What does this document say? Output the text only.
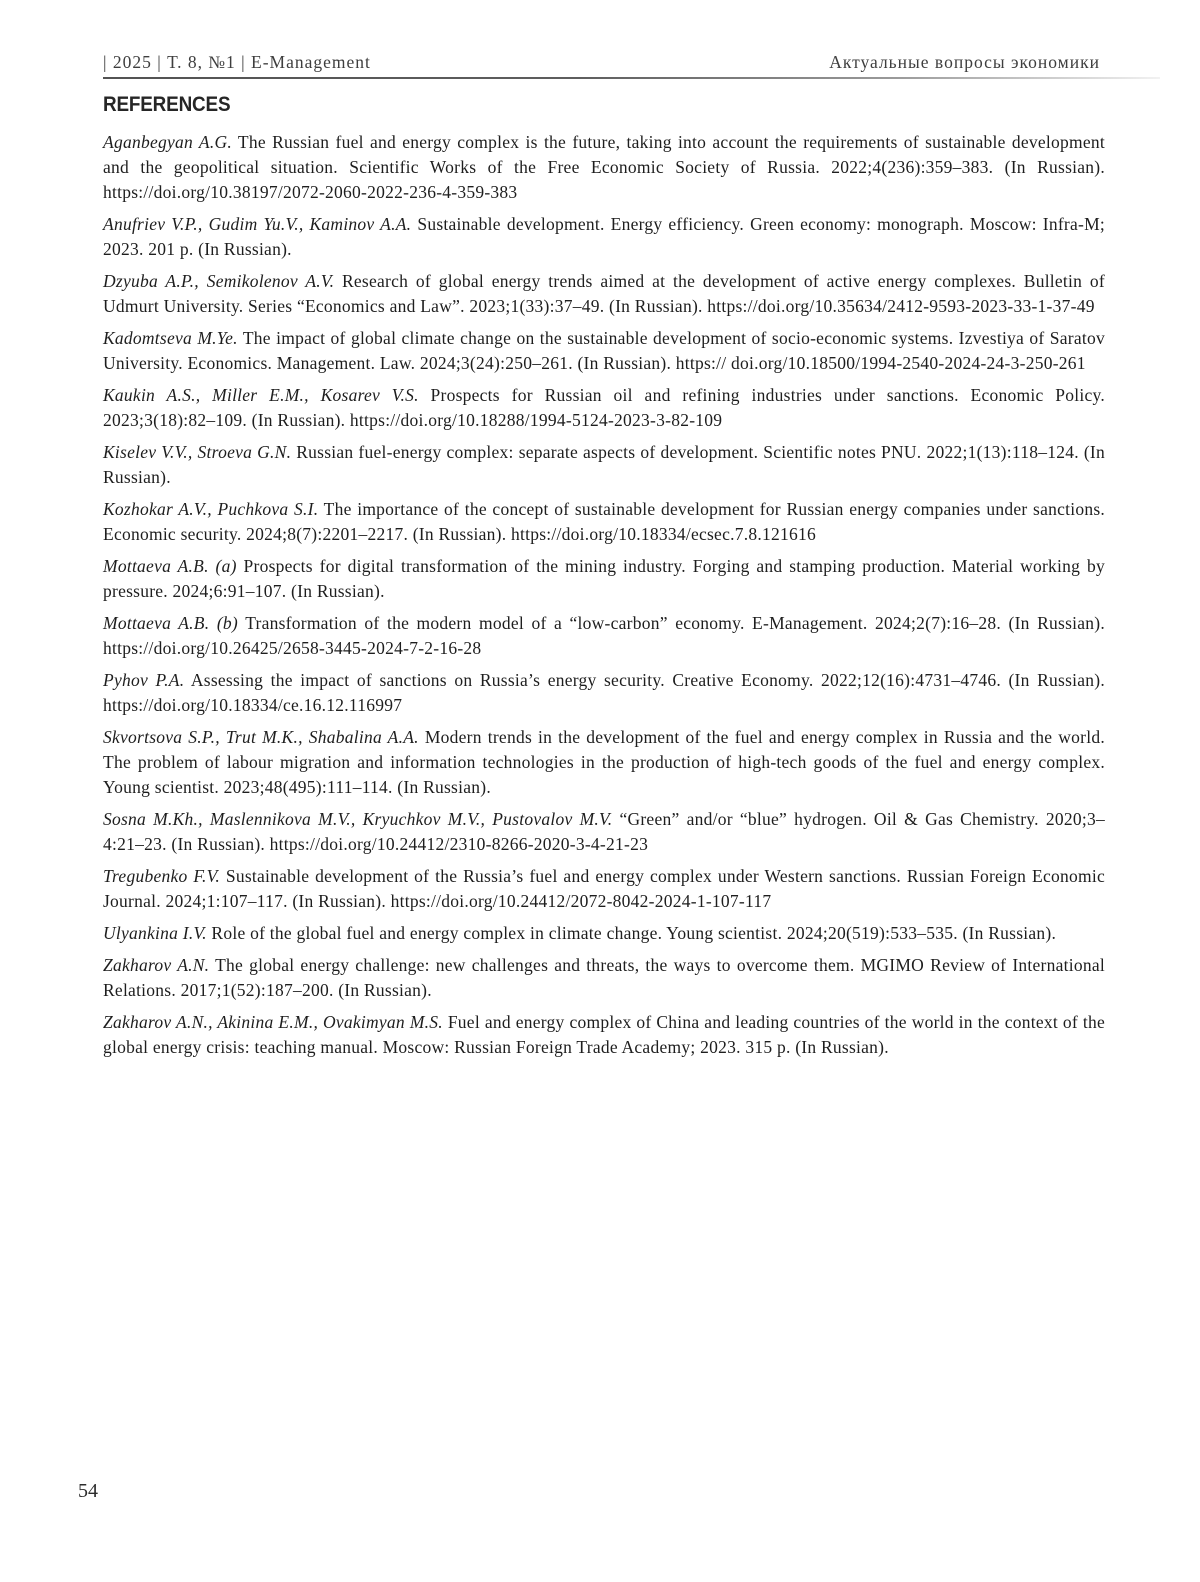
| 2025 | Т. 8, №1 | E-Management	Актуальные вопросы экономики
REFERENCES

Aganbegyan A.G. The Russian fuel and energy complex is the future, taking into account the requirements of sustainable development and the geopolitical situation. Scientific Works of the Free Economic Society of Russia. 2022;4(236):359–383. (In Russian). https://doi.org/10.38197/2072-2060-2022-236-4-359-383

Anufriev V.P., Gudim Yu.V., Kaminov A.A. Sustainable development. Energy efficiency. Green economy: monograph. Moscow: Infra-M; 2023. 201 p. (In Russian).

Dzyuba A.P., Semikolenov A.V. Research of global energy trends aimed at the development of active energy complexes. Bulletin of Udmurt University. Series “Economics and Law”. 2023;1(33):37–49. (In Russian). https://doi.org/10.35634/2412-9593-2023-33-1-37-49

Kadomtseva M.Ye. The impact of global climate change on the sustainable development of socio-economic systems. Izvestiya of Saratov University. Economics. Management. Law. 2024;3(24):250–261. (In Russian). https:// doi.org/10.18500/1994-2540-2024-24-3-250-261

Kaukin A.S., Miller E.M., Kosarev V.S. Prospects for Russian oil and refining industries under sanctions. Economic Policy. 2023;3(18):82–109. (In Russian). https://doi.org/10.18288/1994-5124-2023-3-82-109

Kiselev V.V., Stroeva G.N. Russian fuel-energy complex: separate aspects of development. Scientific notes PNU. 2022;1(13):118–124. (In Russian).

Kozhokar A.V., Puchkova S.I. The importance of the concept of sustainable development for Russian energy companies under sanctions. Economic security. 2024;8(7):2201–2217. (In Russian). https://doi.org/10.18334/ecsec.7.8.121616

Mottaeva A.B. (a) Prospects for digital transformation of the mining industry. Forging and stamping production. Material working by pressure. 2024;6:91–107. (In Russian).

Mottaeva A.B. (b) Transformation of the modern model of a “low-carbon” economy. E-Management. 2024;2(7):16–28. (In Russian). https://doi.org/10.26425/2658-3445-2024-7-2-16-28

Pyhov P.A. Assessing the impact of sanctions on Russia’s energy security. Creative Economy. 2022;12(16):4731–4746. (In Russian). https://doi.org/10.18334/ce.16.12.116997

Skvortsova S.P., Trut M.K., Shabalina A.A. Modern trends in the development of the fuel and energy complex in Russia and the world. The problem of labour migration and information technologies in the production of high-tech goods of the fuel and energy complex. Young scientist. 2023;48(495):111–114. (In Russian).

Sosna M.Kh., Maslennikova M.V., Kryuchkov M.V., Pustovalov M.V. “Green” and/or “blue” hydrogen. Oil & Gas Chemistry. 2020;3–4:21–23. (In Russian). https://doi.org/10.24412/2310-8266-2020-3-4-21-23

Tregubenko F.V. Sustainable development of the Russia’s fuel and energy complex under Western sanctions. Russian Foreign Economic Journal. 2024;1:107–117. (In Russian). https://doi.org/10.24412/2072-8042-2024-1-107-117

Ulyankina I.V. Role of the global fuel and energy complex in climate change. Young scientist. 2024;20(519):533–535. (In Russian).

Zakharov A.N. The global energy challenge: new challenges and threats, the ways to overcome them. MGIMO Review of International Relations. 2017;1(52):187–200. (In Russian).

Zakharov A.N., Akinina E.M., Ovakimyan M.S. Fuel and energy complex of China and leading countries of the world in the context of the global energy crisis: teaching manual. Moscow: Russian Foreign Trade Academy; 2023. 315 p. (In Russian).

54
